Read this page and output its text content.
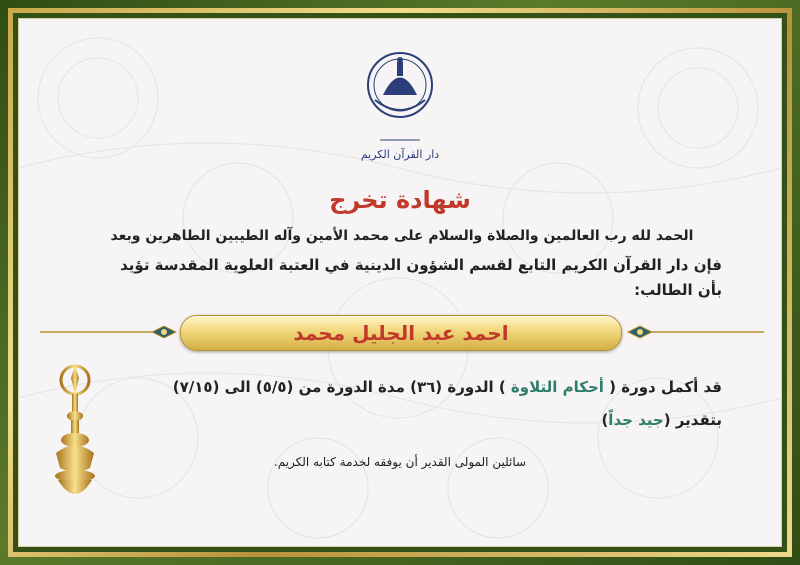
دار القرآن الكريم
شهادة تخرج
الحمد لله رب العالمين والصلاة والسلام على محمد الأمين وآله الطيبين الطاهرين وبعد
فإن دار القرآن الكريم التابع لقسم الشؤون الدينية في العتبة العلوية المقدسة تؤيد
بأن الطالب:
احمد عبد الجليل محمد
قد أكمل دورة ( أحكام التلاوة ) الدورة (٣٦) مدة الدورة من (٥/٥) الى (٧/١٥)
بتقدير (جيد جداً)
سائلين المولى القدير أن يوفقه لخدمة كتابه الكريم.
